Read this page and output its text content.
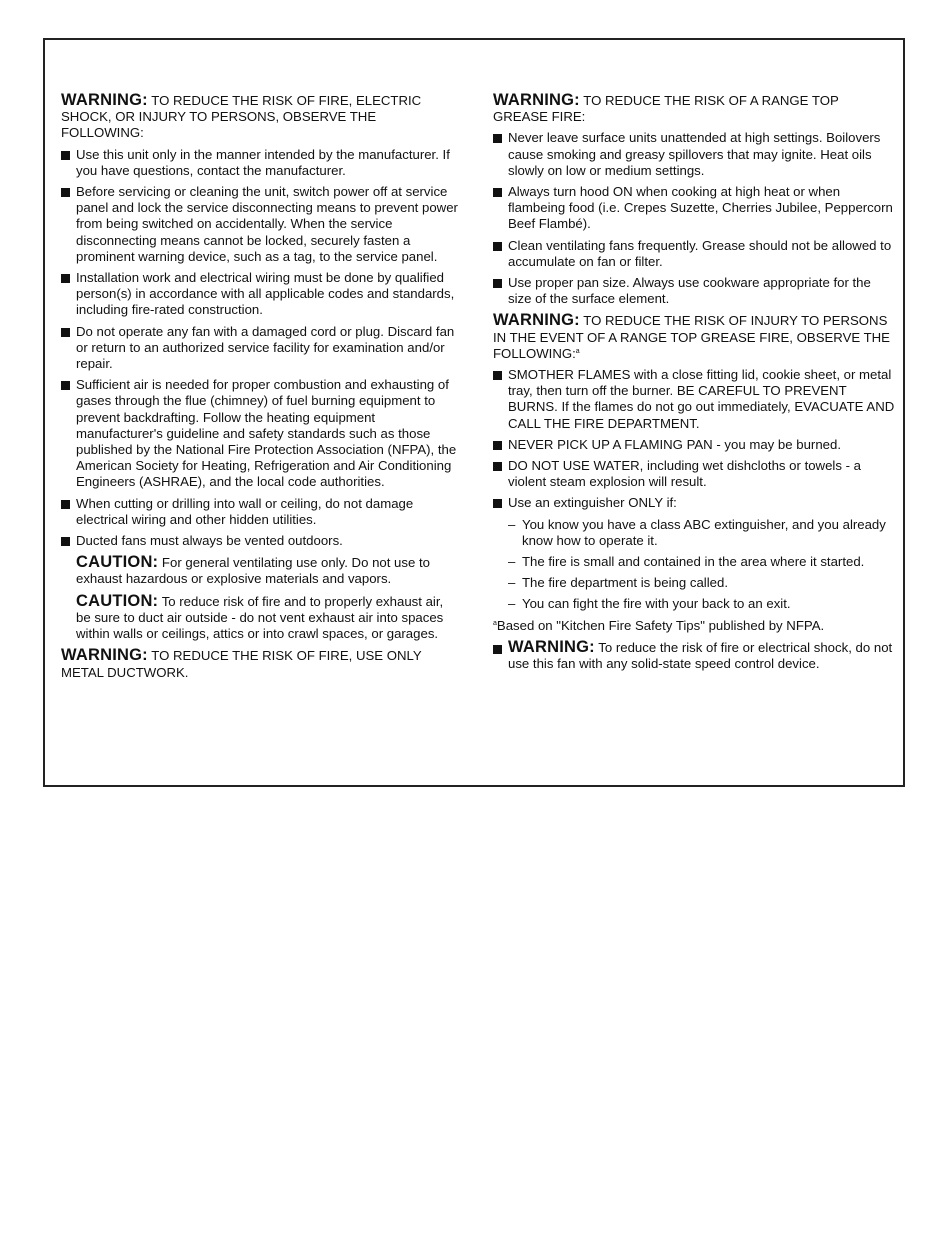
WARNING: TO REDUCE THE RISK OF FIRE, ELECTRIC SHOCK, OR INJURY TO PERSONS, OBSERVE THE FOLLOWING:

Use this unit only in the manner intended by the manufacturer. If you have questions, contact the manufacturer.
Before servicing or cleaning the unit, switch power off at service panel and lock the service disconnecting means to prevent power from being switched on accidentally. When the service disconnecting means cannot be locked, securely fasten a prominent warning device, such as a tag, to the service panel.
Installation work and electrical wiring must be done by qualified person(s) in accordance with all applicable codes and standards, including fire-rated construction.
Do not operate any fan with a damaged cord or plug. Discard fan or return to an authorized service facility for examination and/or repair.
Sufficient air is needed for proper combustion and exhausting of gases through the flue (chimney) of fuel burning equipment to prevent backdrafting. Follow the heating equipment manufacturer's guideline and safety standards such as those published by the National Fire Protection Association (NFPA), the American Society for Heating, Refrigeration and Air Conditioning Engineers (ASHRAE), and the local code authorities.
When cutting or drilling into wall or ceiling, do not damage electrical wiring and other hidden utilities.
Ducted fans must always be vented outdoors.

CAUTION: For general ventilating use only. Do not use to exhaust hazardous or explosive materials and vapors.

CAUTION: To reduce risk of fire and to properly exhaust air, be sure to duct air outside - do not vent exhaust air into spaces within walls or ceilings, attics or into crawl spaces, or garages.

WARNING: TO REDUCE THE RISK OF FIRE, USE ONLY METAL DUCTWORK.

WARNING: TO REDUCE THE RISK OF A RANGE TOP GREASE FIRE:

Never leave surface units unattended at high settings. Boilovers cause smoking and greasy spillovers that may ignite. Heat oils slowly on low or medium settings.
Always turn hood ON when cooking at high heat or when flambeing food (i.e. Crepes Suzette, Cherries Jubilee, Peppercorn Beef Flambé).
Clean ventilating fans frequently. Grease should not be allowed to accumulate on fan or filter.
Use proper pan size. Always use cookware appropriate for the size of the surface element.

WARNING: TO REDUCE THE RISK OF INJURY TO PERSONS IN THE EVENT OF A RANGE TOP GREASE FIRE, OBSERVE THE FOLLOWING:$^a$

SMOTHER FLAMES with a close fitting lid, cookie sheet, or metal tray, then turn off the burner. BE CAREFUL TO PREVENT BURNS. If the flames do not go out immediately, EVACUATE AND CALL THE FIRE DEPARTMENT.
NEVER PICK UP A FLAMING PAN - you may be burned.
DO NOT USE WATER, including wet dishcloths or towels - a violent steam explosion will result.
Use an extinguisher ONLY if:
– You know you have a class ABC extinguisher, and you already know how to operate it.
– The fire is small and contained in the area where it started.
– The fire department is being called.
– You can fight the fire with your back to an exit.

$^a$Based on "Kitchen Fire Safety Tips" published by NFPA.

WARNING: To reduce the risk of fire or electrical shock, do not use this fan with any solid-state speed control device.
